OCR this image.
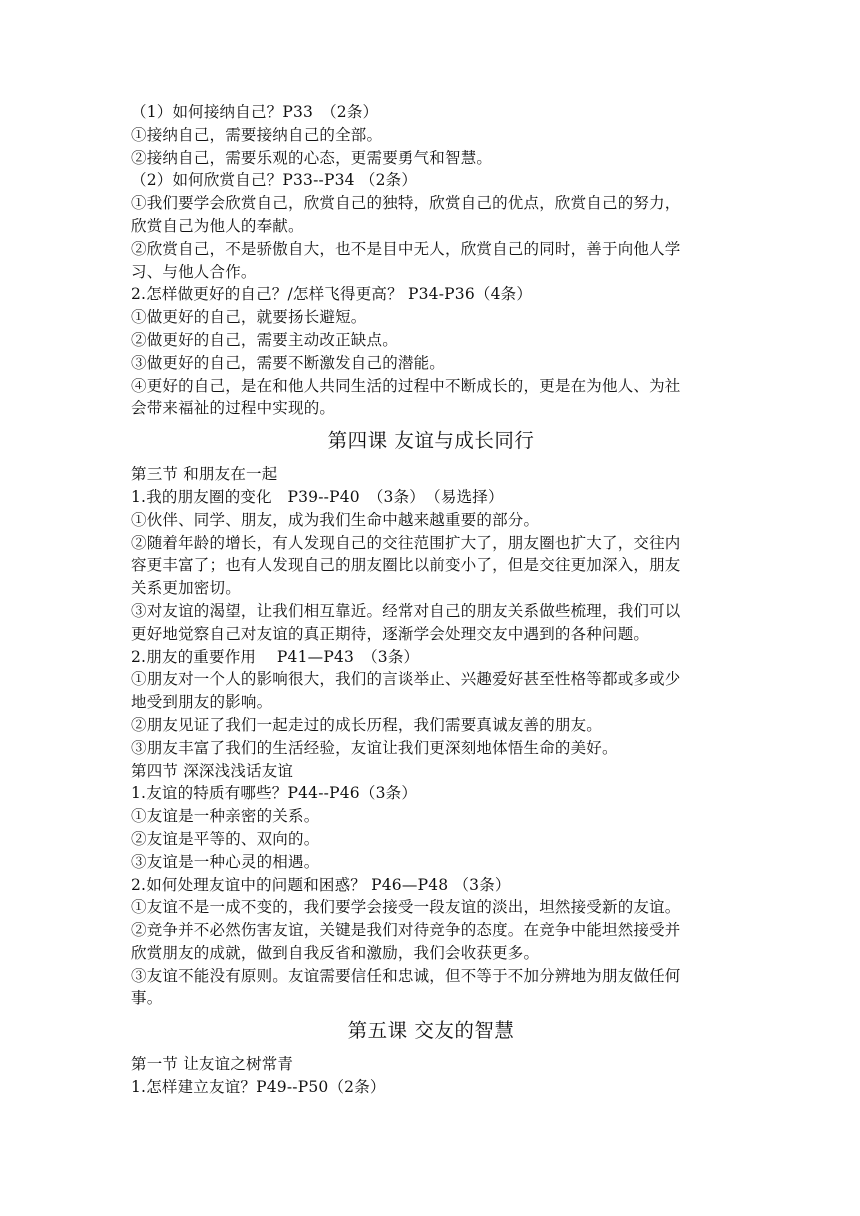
（1）如何接纳自己？P33　（2条）
①接纳自己，需要接纳自己的全部。
②接纳自己，需要乐观的心态，更需要勇气和智慧。
（2）如何欣赏自己？P33--P34 （2条）
①我们要学会欣赏自己，欣赏自己的独特，欣赏自己的优点，欣赏自己的努力，
欣赏自己为他人的奉献。
②欣赏自己，不是骄傲自大，也不是目中无人，欣赏自己的同时，善于向他人学
习、与他人合作。
2.怎样做更好的自己？/怎样飞得更高？ P34-P36（4条）
①做更好的自己，就要扬长避短。
②做更好的自己，需要主动改正缺点。
③做更好的自己，需要不断激发自己的潜能。
④更好的自己，是在和他人共同生活的过程中不断成长的，更是在为他人、为社
会带来福祉的过程中实现的。
第四课 友谊与成长同行
第三节 和朋友在一起
1.我的朋友圈的变化　P39--P40　（3条）　（易选择）
①伙伴、同学、朋友，成为我们生命中越来越重要的部分。
②随着年龄的增长，有人发现自己的交往范围扩大了，朋友圈也扩大了，交往内
容更丰富了；也有人发现自己的朋友圈比以前变小了，但是交往更加深入，朋友
关系更加密切。
③对友谊的渴望，让我们相互靠近。经常对自己的朋友关系做些梳理，我们可以
更好地觉察自己对友谊的真正期待，逐渐学会处理交友中遇到的各种问题。
2.朋友的重要作用　 P41—P43　（3条）
①朋友对一个人的影响很大，我们的言谈举止、兴趣爱好甚至性格等都或多或少
地受到朋友的影响。
②朋友见证了我们一起走过的成长历程，我们需要真诚友善的朋友。
③朋友丰富了我们的生活经验，友谊让我们更深刻地体悟生命的美好。
第四节 深深浅浅话友谊
1.友谊的特质有哪些？P44--P46（3条）
①友谊是一种亲密的关系。
②友谊是平等的、双向的。
③友谊是一种心灵的相遇。
2.如何处理友谊中的问题和困惑？ P46—P48 （3条）
①友谊不是一成不变的，我们要学会接受一段友谊的淡出，坦然接受新的友谊。
②竞争并不必然伤害友谊，关键是我们对待竞争的态度。在竞争中能坦然接受并
欣赏朋友的成就，做到自我反省和激励，我们会收获更多。
③友谊不能没有原则。友谊需要信任和忠诚，但不等于不加分辨地为朋友做任何
事。
第五课 交友的智慧
第一节 让友谊之树常青
1.怎样建立友谊？P49--P50（2条）
